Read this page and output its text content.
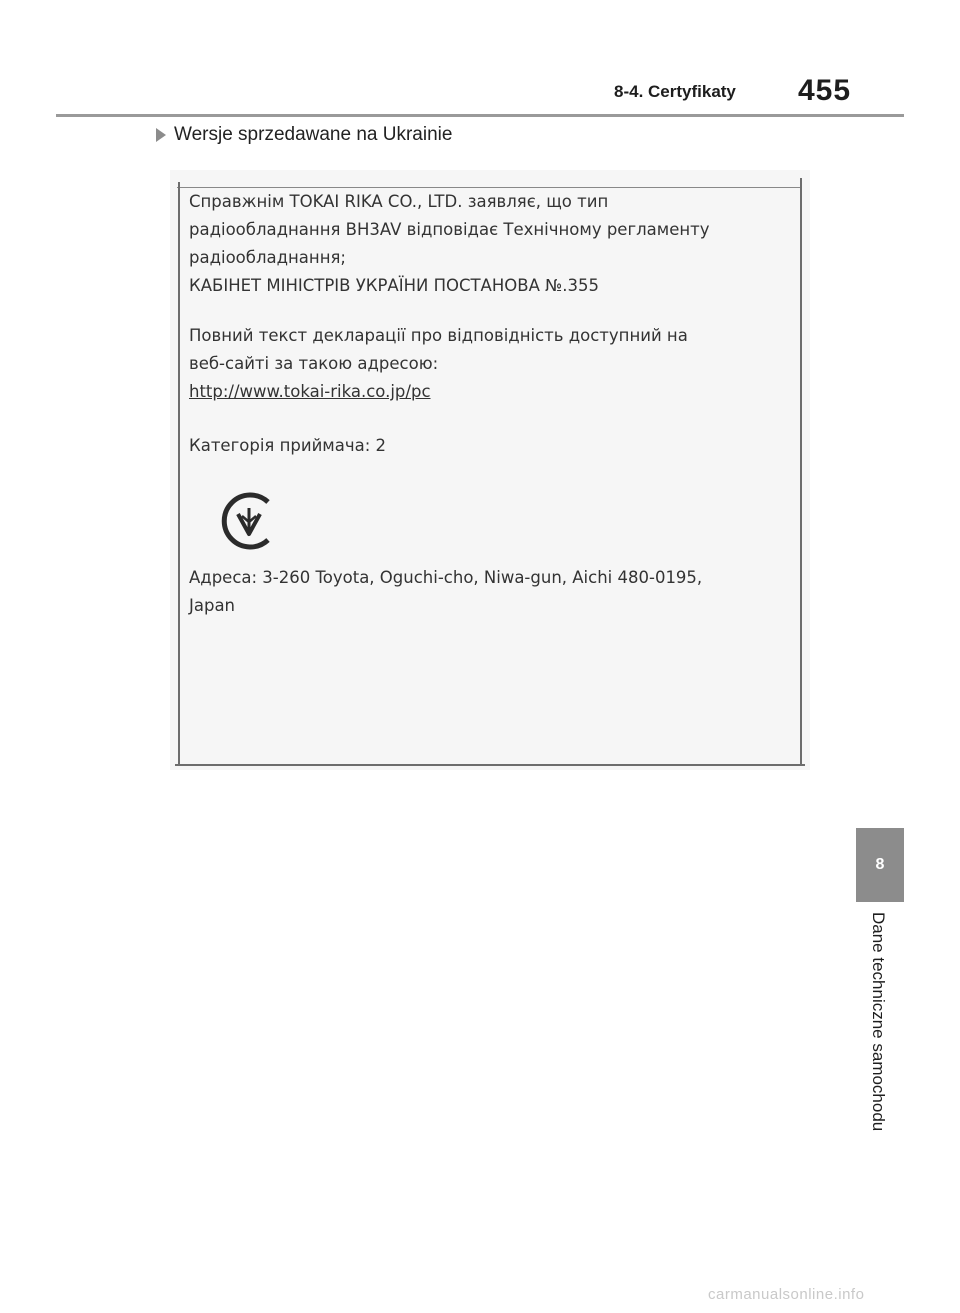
8-4. Certyfikaty 455
Wersje sprzedawane na Ukrainie

Справжнім TOKAI RIKA CO., LTD. заявляє, що тип

радіообладнання BH3AV відповідає Технічному регламенту

радіообладнання;

КАБІНЕТ МІНІСТРІВ УКРАЇНИ ПОСТАНОВА №.355

Повний текст декларації про відповідність доступний на

веб-сайті за такою адресою:

http://www.tokai-rika.co.jp/pc

Категорія приймача: 2

Адреса: 3-260 Toyota, Oguchi-cho, Niwa-gun, Aichi 480-0195,

Japan

8
Dane techniczne samochodu
carmanualsonline.info
